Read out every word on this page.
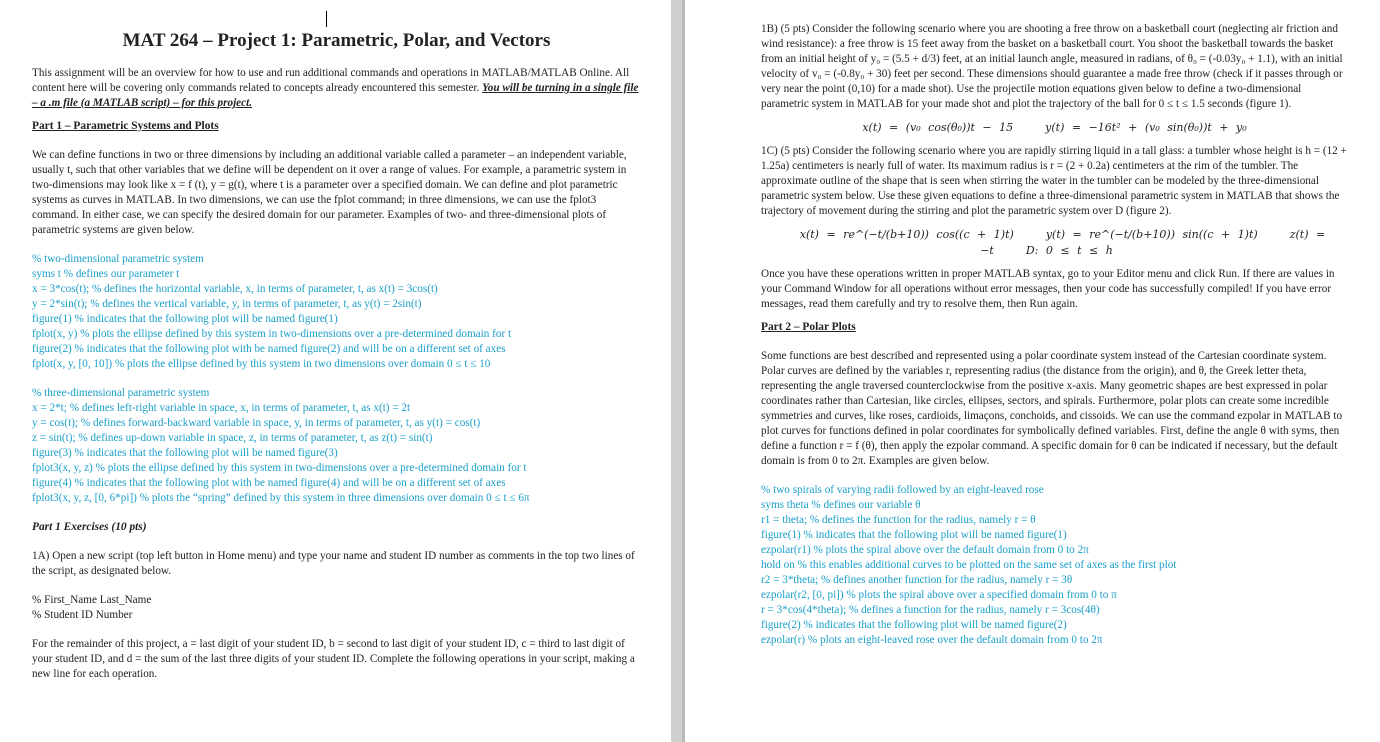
MAT 264 – Project 1: Parametric, Polar, and Vectors

This assignment will be an overview for how to use and run additional commands and operations in MATLAB/MATLAB Online. All content here will be covering only commands related to concepts already encountered this semester. You will be turning in a single file – a .m file (a MATLAB script) – for this project.

Part 1 – Parametric Systems and Plots

We can define functions in two or three dimensions by including an additional variable called a parameter – an independent variable, usually t, such that other variables that we define will be dependent on it over a range of values. For example, a parametric system in two-dimensions may look like x = f (t), y = g(t), where t is a parameter over a specified domain. We can define and plot parametric systems as curves in MATLAB. In two dimensions, we can use the fplot command; in three dimensions, we can use the fplot3 command. In either case, we can specify the desired domain for our parameter. Examples of two- and three-dimensional plots of parametric systems are given below.

% two-dimensional parametric system

syms t % defines our parameter t

x = 3*cos(t); % defines the horizontal variable, x, in terms of parameter, t, as x(t) = 3cos(t)

y = 2*sin(t); % defines the vertical variable, y, in terms of parameter, t, as y(t) = 2sin(t)

figure(1) % indicates that the following plot will be named figure(1)

fplot(x, y) % plots the ellipse defined by this system in two-dimensions over a pre-determined domain for t

figure(2) % indicates that the following plot with be named figure(2) and will be on a different set of axes

fplot(x, y, [0, 10]) % plots the ellipse defined by this system in two dimensions over domain 0 ≤ t ≤ 10

% three-dimensional parametric system

x = 2*t; % defines left-right variable in space, x, in terms of parameter, t, as x(t) = 2t

y = cos(t); % defines forward-backward variable in space, y, in terms of parameter, t, as y(t) = cos(t)

z = sin(t); % defines up-down variable in space, z, in terms of parameter, t, as z(t) = sin(t)

figure(3) % indicates that the following plot will be named figure(3)

fplot3(x, y, z) % plots the ellipse defined by this system in two-dimensions over a pre-determined domain for t

figure(4) % indicates that the following plot with be named figure(4) and will be on a different set of axes

fplot3(x, y, z, [0, 6*pi]) % plots the “spring” defined by this system in three dimensions over domain 0 ≤ t ≤ 6π

Part 1 Exercises (10 pts)

1A) Open a new script (top left button in Home menu) and type your name and student ID number as comments in the top two lines of the script, as designated below.

% First_Name Last_Name

% Student ID Number

For the remainder of this project, a = last digit of your student ID, b = second to last digit of your student ID, c = third to last digit of your student ID, and d = the sum of the last three digits of your student ID. Complete the following operations in your script, making a new line for each operation.

1B) (5 pts) Consider the following scenario where you are shooting a free throw on a basketball court (neglecting air friction and wind resistance): a free throw is 15 feet away from the basket on a basketball court. You shoot the basketball towards the basket from an initial height of y₀ = (5.5 + d/3) feet, at an initial launch angle, measured in radians, of θ₀ = (-0.03y₀ + 1.1), with an initial velocity of v₀ = (-0.8y₀ + 30) feet per second. These dimensions should guarantee a made free throw (check if it passes through or very near the point (0,10) for a made shot). Use the projectile motion equations given below to define a two-dimensional parametric system in MATLAB for your made shot and plot the trajectory of the ball for 0 ≤ t ≤ 1.5 seconds (figure 1).

x(t) = (v₀ cos(θ₀))t − 15	y(t) = −16t² + (v₀ sin(θ₀))t + y₀

1C) (5 pts) Consider the following scenario where you are rapidly stirring liquid in a tall glass: a tumbler whose height is h = (12 + 1.25a) centimeters is nearly full of water. Its maximum radius is r = (2 + 0.2a) centimeters at the rim of the tumbler. The approximate outline of the shape that is seen when stirring the water in the tumbler can be modeled by the three-dimensional parametric system below. Use these given equations to define a three-dimensional parametric system in MATLAB that shows the trajectory of movement during the stirring and plot the parametric system over D (figure 2).

x(t) = re^(−t/(b+10)) cos((c + 1)t)	y(t) = re^(−t/(b+10)) sin((c + 1)t)	z(t) = −t	D: 0 ≤ t ≤ h

Once you have these operations written in proper MATLAB syntax, go to your Editor menu and click Run. If there are values in your Command Window for all operations without error messages, then your code has successfully compiled! If you have error messages, read them carefully and try to resolve them, then Run again.

Part 2 – Polar Plots

Some functions are best described and represented using a polar coordinate system instead of the Cartesian coordinate system. Polar curves are defined by the variables r, representing radius (the distance from the origin), and θ, the Greek letter theta, representing the angle traversed counterclockwise from the positive x-axis. Many geometric shapes are best expressed in polar coordinates rather than Cartesian, like circles, ellipses, sectors, and spirals. Furthermore, polar plots can create some incredible symmetries and curves, like roses, cardioids, limaçons, conchoids, and cissoids. We can use the command ezpolar in MATLAB to plot curves for functions defined in polar coordinates for symbolically defined variables. First, define the angle θ with syms, then define a function r = f (θ), then apply the ezpolar command. A specific domain for θ can be indicated if necessary, but the default domain is from 0 to 2π. Examples are given below.

% two spirals of varying radii followed by an eight-leaved rose

syms theta % defines our variable θ

r1 = theta; % defines the function for the radius, namely r = θ

figure(1) % indicates that the following plot will be named figure(1)

ezpolar(r1) % plots the spiral above over the default domain from 0 to 2π

hold on % this enables additional curves to be plotted on the same set of axes as the first plot

r2 = 3*theta; % defines another function for the radius, namely r = 3θ

ezpolar(r2, [0, pi]) % plots the spiral above over a specified domain from 0 to π

r = 3*cos(4*theta); % defines a function for the radius, namely r = 3cos(4θ)

figure(2) % indicates that the following plot will be named figure(2)

ezpolar(r) % plots an eight-leaved rose over the default domain from 0 to 2π
